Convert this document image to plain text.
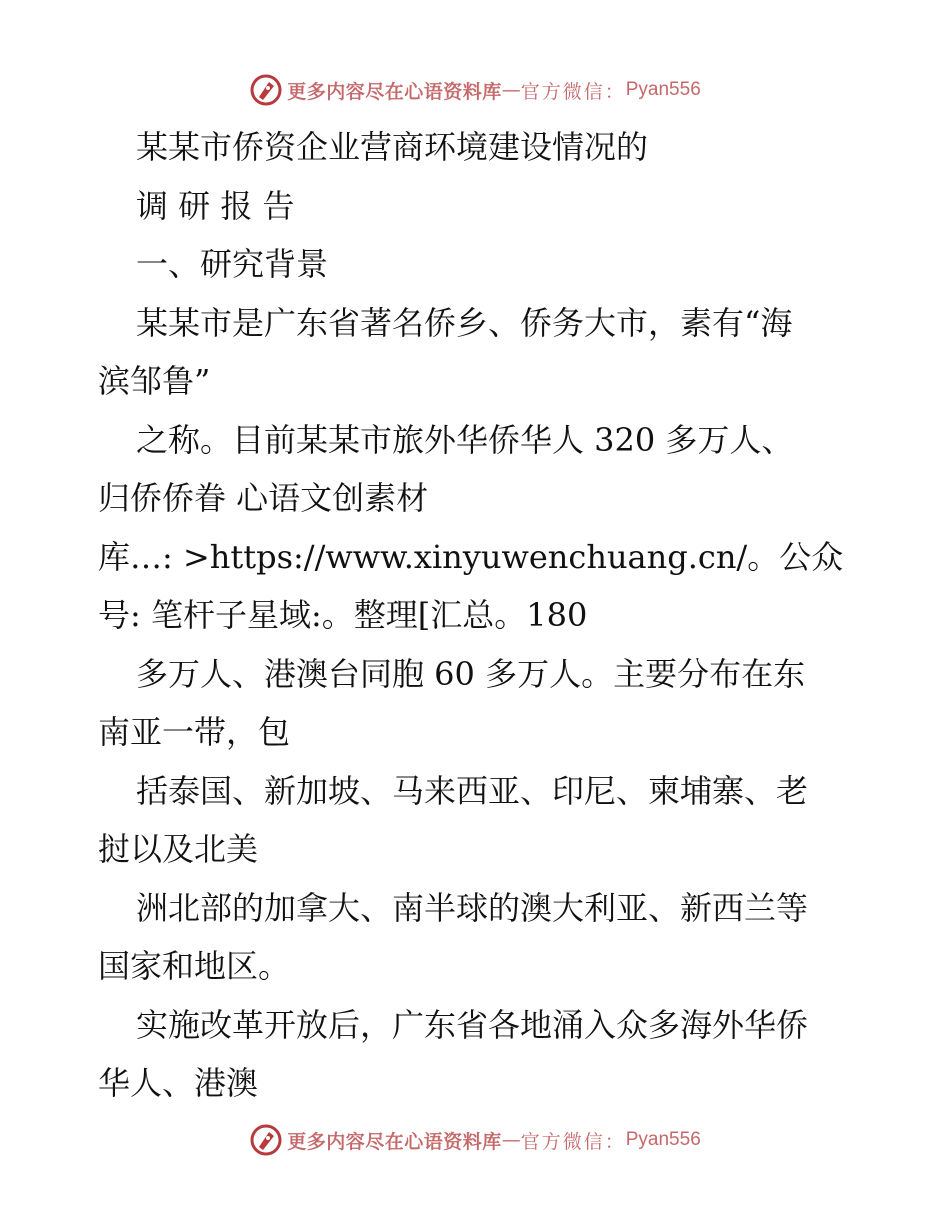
更多内容尽在心语资料库 — 官方微信： Pyan556
某某市侨资企业营商环境建设情况的
调 研 报 告
一、研究背景
某某市是广东省著名侨乡、侨务大市，素有“海
滨邹鲁”
之称。目前某某市旅外华侨华人 320 多万人、
归侨侨眷 心语文创素材
库…: >https://www.xinyuwenchuang.cn/。公众
号: 笔杆子星域:。整理[汇总。180
多万人、港澳台同胞 60 多万人。主要分布在东
南亚一带，包
括泰国、新加坡、马来西亚、印尼、柬埔寨、老
挝以及北美
洲北部的加拿大、南半球的澳大利亚、新西兰等
国家和地区。
实施改革开放后，广东省各地涌入众多海外华侨
华人、港澳
更多内容尽在心语资料库 — 官方微信： Pyan556
